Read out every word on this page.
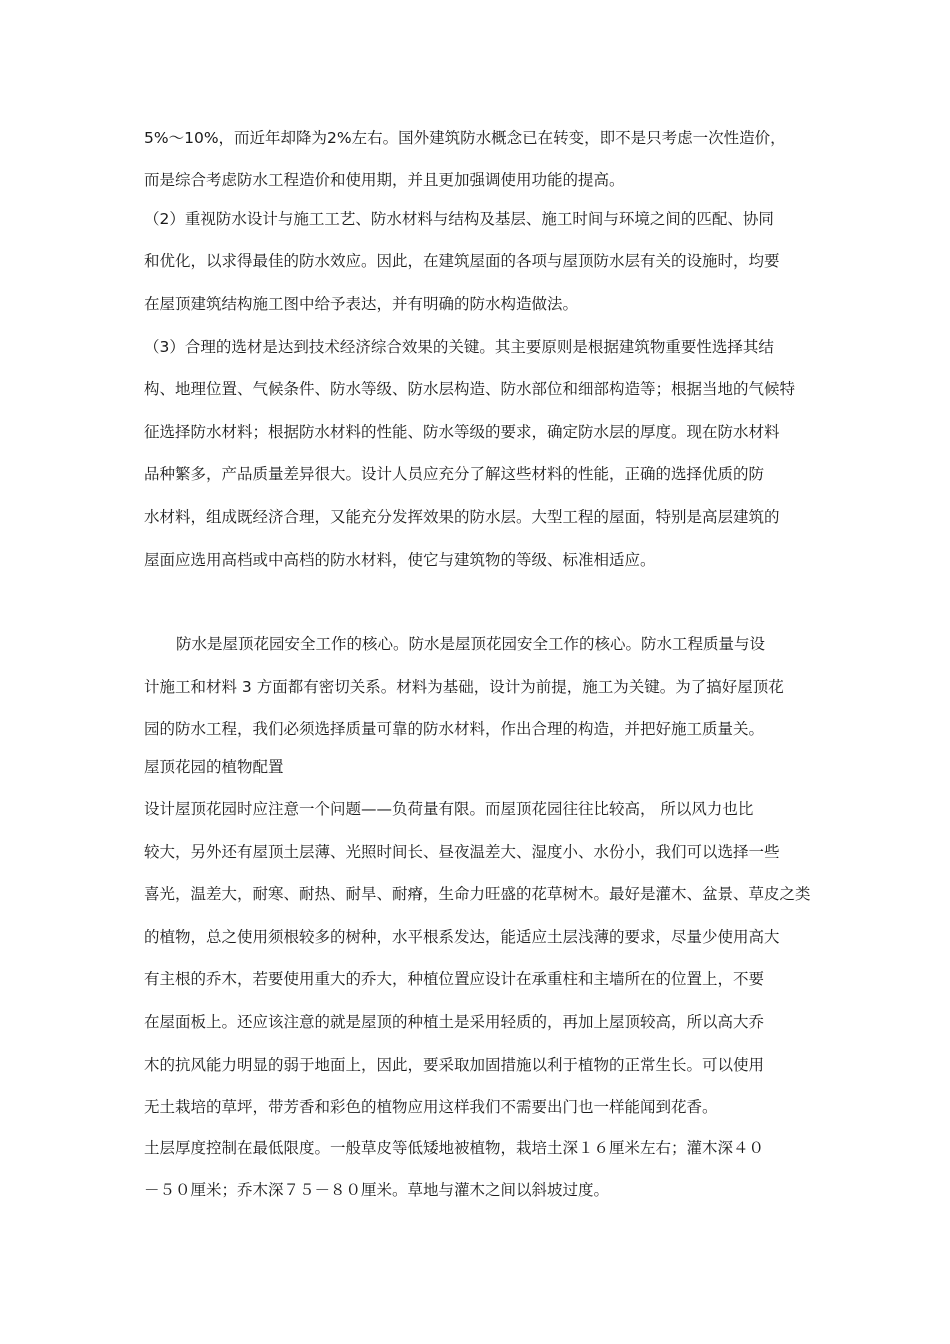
5%～10%，而近年却降为2%左右。国外建筑防水概念已在转变，即不是只考虑一次性造价，
而是综合考虑防水工程造价和使用期，并且更加强调使用功能的提高。
（2）重视防水设计与施工工艺、防水材料与结构及基层、施工时间与环境之间的匹配、协同
和优化，以求得最佳的防水效应。因此，在建筑屋面的各项与屋顶防水层有关的设施时，均要
在屋顶建筑结构施工图中给予表达，并有明确的防水构造做法。
（3）合理的选材是达到技术经济综合效果的关键。其主要原则是根据建筑物重要性选择其结
构、地理位置、气候条件、防水等级、防水层构造、防水部位和细部构造等；根据当地的气候特
征选择防水材料；根据防水材料的性能、防水等级的要求，确定防水层的厚度。现在防水材料
品种繁多，产品质量差异很大。设计人员应充分了解这些材料的性能，正确的选择优质的防
水材料，组成既经济合理，又能充分发挥效果的防水层。大型工程的屋面，特别是高层建筑的
屋面应选用高档或中高档的防水材料，使它与建筑物的等级、标准相适应。
防水是屋顶花园安全工作的核心。防水是屋顶花园安全工作的核心。防水工程质量与设
计施工和材料 3 方面都有密切关系。材料为基础，设计为前提，施工为关键。为了搞好屋顶花
园的防水工程，我们必须选择质量可靠的防水材料，作出合理的构造，并把好施工质量关。
屋顶花园的植物配置
设计屋顶花园时应注意一个问题——负荷量有限。而屋顶花园往往比较高， 所以风力也比
较大，另外还有屋顶土层薄、光照时间长、昼夜温差大、湿度小、水份小，我们可以选择一些
喜光，温差大，耐寒、耐热、耐旱、耐瘠，生命力旺盛的花草树木。最好是灌木、盆景、草皮之类
的植物，总之使用须根较多的树种，水平根系发达，能适应土层浅薄的要求，尽量少使用高大
有主根的乔木，若要使用重大的乔大，种植位置应设计在承重柱和主墙所在的位置上，不要
在屋面板上。还应该注意的就是屋顶的种植土是采用轻质的，再加上屋顶较高，所以高大乔
木的抗风能力明显的弱于地面上，因此，要采取加固措施以利于植物的正常生长。可以使用
无土栽培的草坪，带芳香和彩色的植物应用这样我们不需要出门也一样能闻到花香。
土层厚度控制在最低限度。一般草皮等低矮地被植物，栽培土深１６厘米左右；灌木深４０
－５０厘米；乔木深７５－８０厘米。草地与灌木之间以斜坡过度。
